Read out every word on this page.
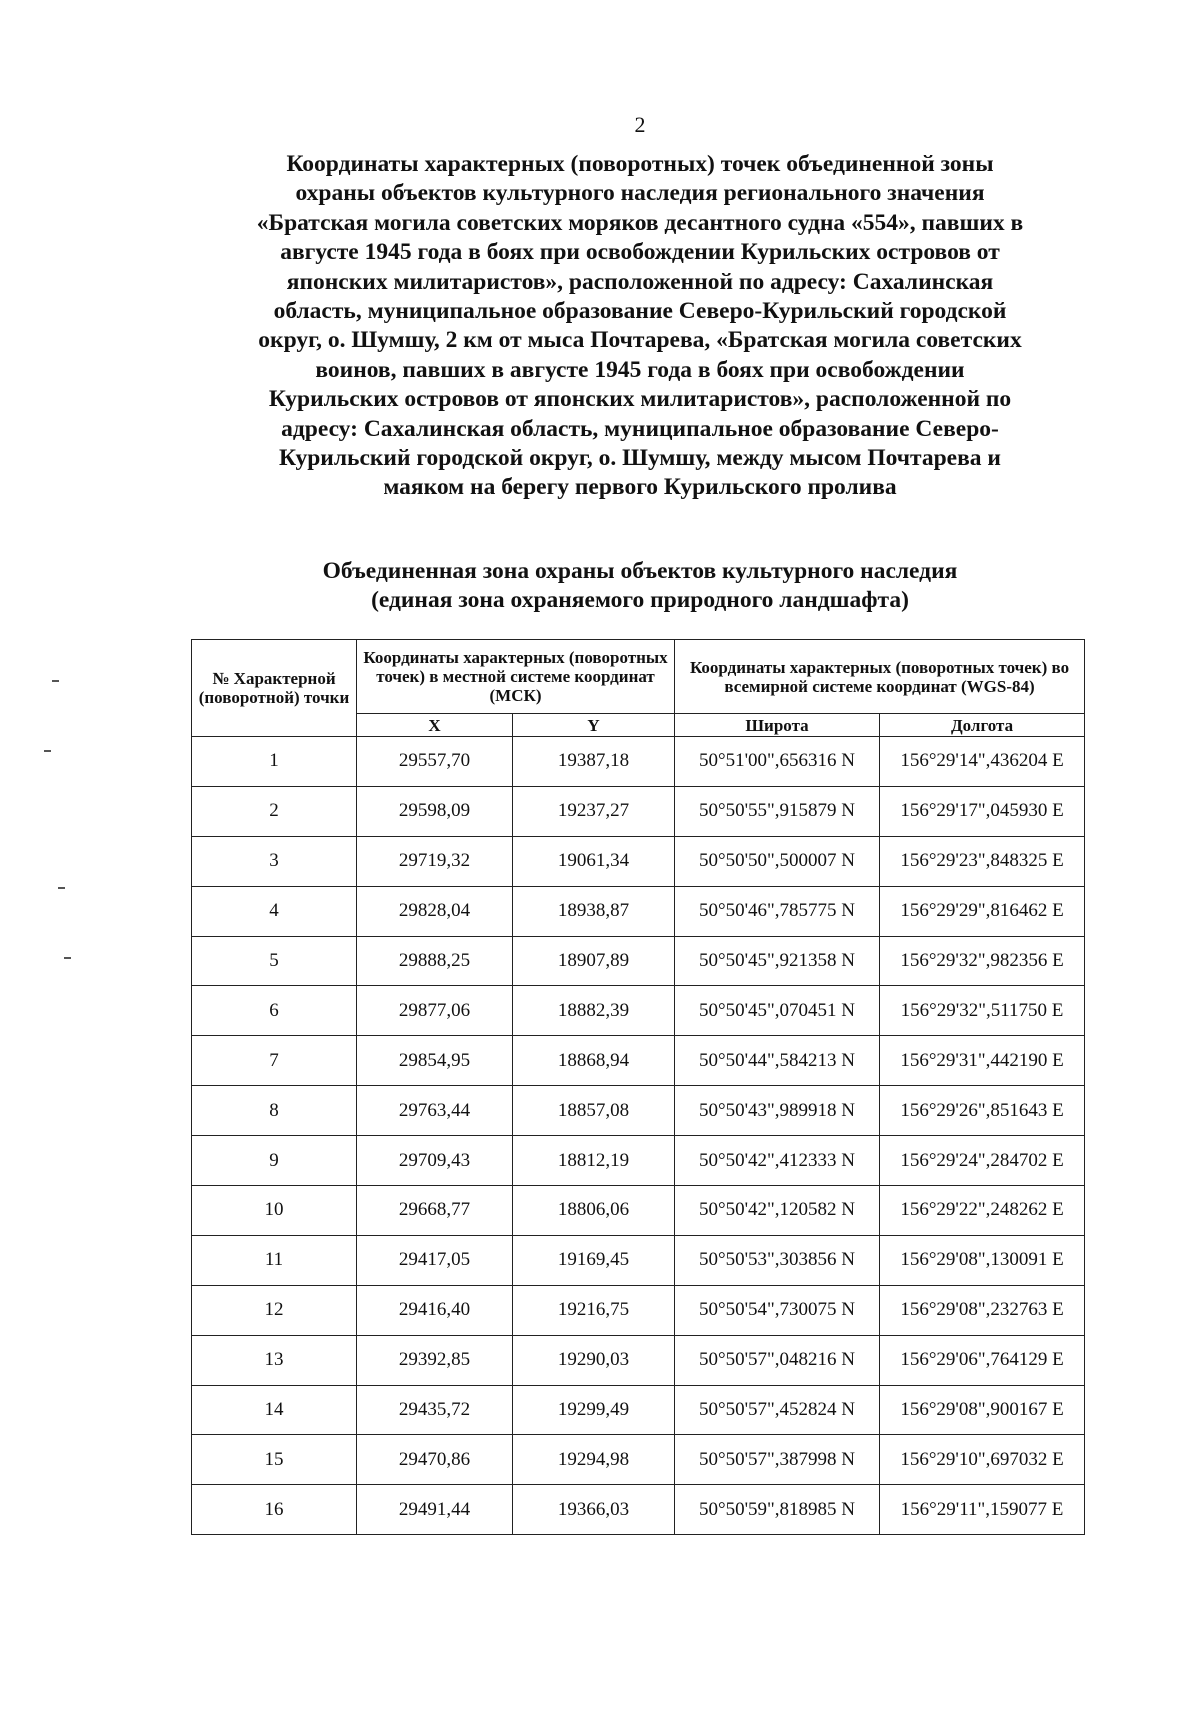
2
Координаты характерных (поворотных) точек объединенной зоны
охраны объектов культурного наследия регионального значения
«Братская могила советских моряков десантного судна «554», павших в
августе 1945 года в боях при освобождении Курильских островов от
японских милитаристов», расположенной по адресу: Сахалинская
область, муниципальное образование Северо-Курильский городской
округ, о. Шумшу, 2 км от мыса Почтарева, «Братская могила советских
воинов, павших в августе 1945 года в боях при освобождении
Курильских островов от японских милитаристов», расположенной по
адресу: Сахалинская область, муниципальное образование Северо-
Курильский городской округ, о. Шумшу, между мысом Почтарева и
маяком на берегу первого Курильского пролива
Объединенная зона охраны объектов культурного наследия
(единая зона охраняемого природного ландшафта)
№ Характерной (поворотной) точки	Координаты характерных (поворотных точек) в местной системе координат (МСК)		Координаты характерных (поворотных точек) во всемирной системе координат (WGS-84)	
	X	Y	Широта	Долгота
1	29557,70	19387,18	50°51'00",656316 N	156°29'14",436204 E
2	29598,09	19237,27	50°50'55",915879 N	156°29'17",045930 E
3	29719,32	19061,34	50°50'50",500007 N	156°29'23",848325 E
4	29828,04	18938,87	50°50'46",785775 N	156°29'29",816462 E
5	29888,25	18907,89	50°50'45",921358 N	156°29'32",982356 E
6	29877,06	18882,39	50°50'45",070451 N	156°29'32",511750 E
7	29854,95	18868,94	50°50'44",584213 N	156°29'31",442190 E
8	29763,44	18857,08	50°50'43",989918 N	156°29'26",851643 E
9	29709,43	18812,19	50°50'42",412333 N	156°29'24",284702 E
10	29668,77	18806,06	50°50'42",120582 N	156°29'22",248262 E
11	29417,05	19169,45	50°50'53",303856 N	156°29'08",130091 E
12	29416,40	19216,75	50°50'54",730075 N	156°29'08",232763 E
13	29392,85	19290,03	50°50'57",048216 N	156°29'06",764129 E
14	29435,72	19299,49	50°50'57",452824 N	156°29'08",900167 E
15	29470,86	19294,98	50°50'57",387998 N	156°29'10",697032 E
16	29491,44	19366,03	50°50'59",818985 N	156°29'11",159077 E
